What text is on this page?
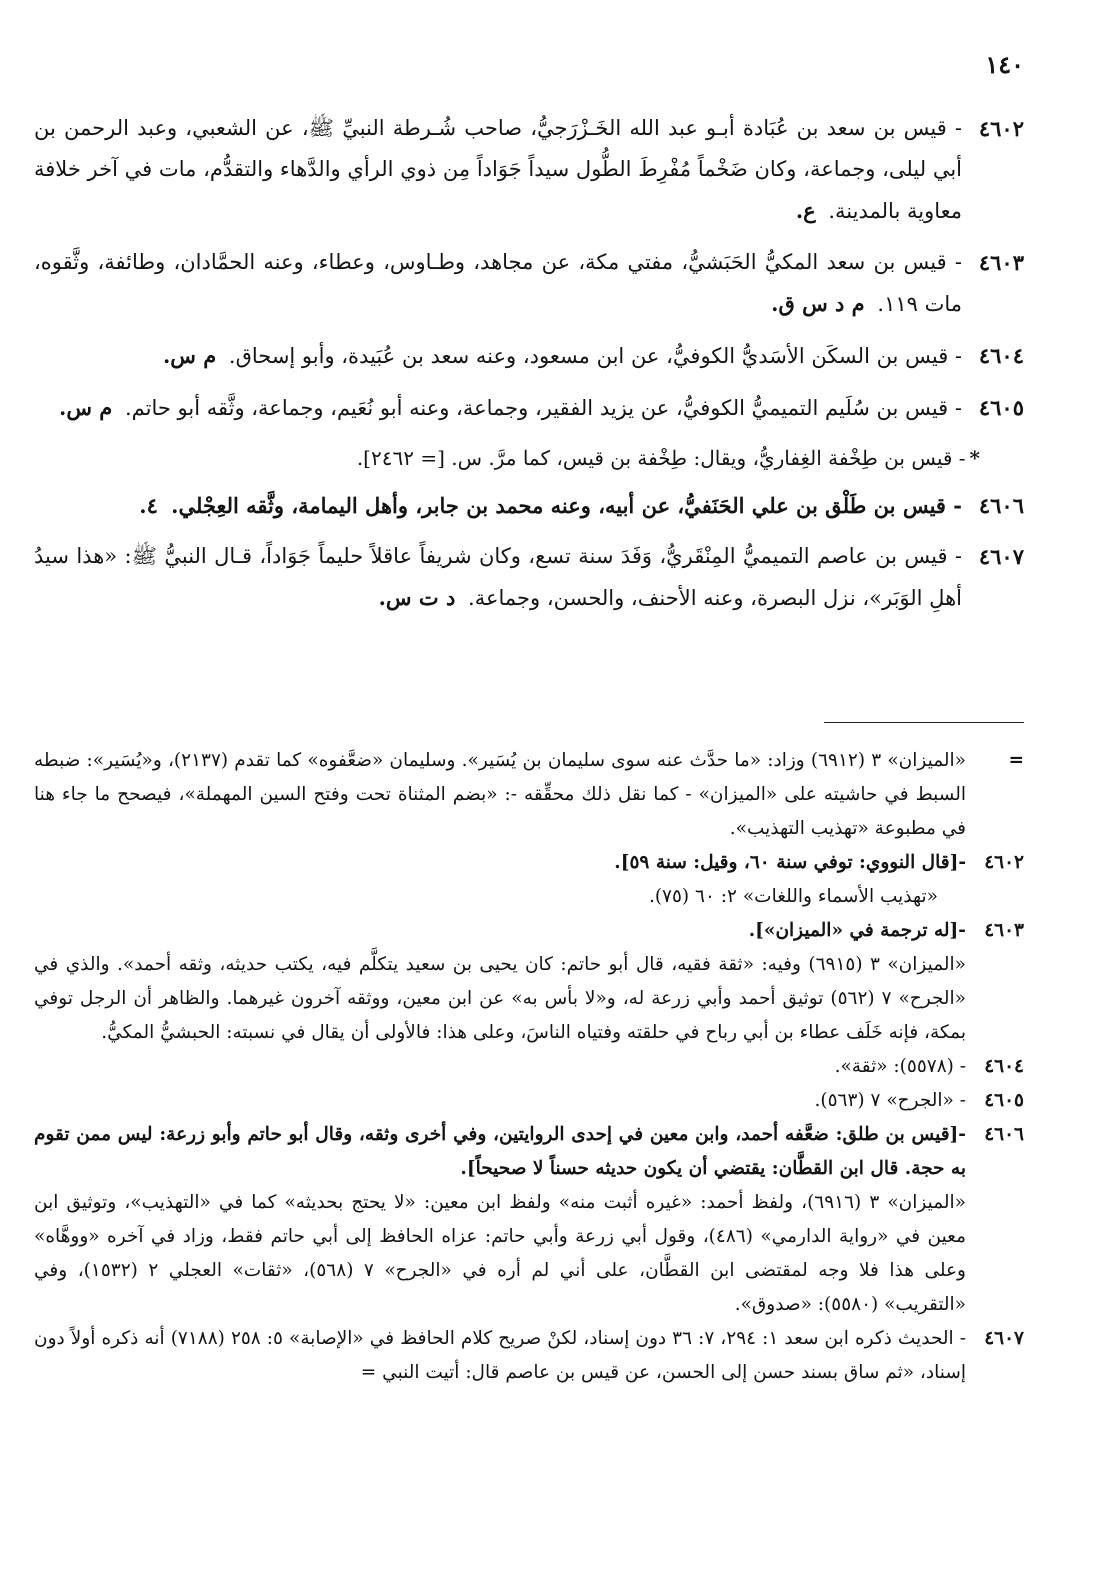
١٤٠
٤٦٠٢
- قيس بن سعد بن عُبَادة أبـو عبد الله الخَـزْرَجيُّ، صاحب شُـرطة النبيِّ ﷺ، عن الشعبي، وعبد الرحمن بن أبي ليلى، وجماعة، وكان ضَخْماً مُفْرِطَ الطُّول سيداً جَوَاداً مِن ذوي الرأي والدَّهاء والتقدُّم، مات في آخر خلافة معاوية بالمدينة. ع.
٤٦٠٣
- قيس بن سعد المكيُّ الحَبَشيُّ، مفتي مكة، عن مجاهد، وطـاوس، وعطاء، وعنه الحمَّادان، وطائفة، وثَّقوه، مات ١١٩. م د س ق.
٤٦٠٤
- قيس بن السكَن الأسَديُّ الكوفيُّ، عن ابن مسعود، وعنه سعد بن عُبَيدة، وأبو إسحاق. م س.
٤٦٠٥
- قيس بن سُلَيم التميميُّ الكوفيُّ، عن يزيد الفقير، وجماعة، وعنه أبو نُعَيم، وجماعة، وثَّقه أبو حاتم. م س.
*- قيس بن طِخْفة الغِفاريُّ، ويقال: طِخْفة بن قيس، كما مرَّ. س. [= ٢٤٦٢].
٤٦٠٦
- قيس بن طَلْق بن علي الحَنَفيُّ، عن أبيه، وعنه محمد بن جابر، وأهل اليمامة، وثَّقه العِجْلي. ٤.
٤٦٠٧
- قيس بن عاصم التميميُّ المِنْقَريُّ، وَفَدَ سنة تسع، وكان شريفاً عاقلاً حليماً جَوَاداً، قـال النبيُّ ﷺ: «هذا سيدُ أهلِ الوَبَر»، نزل البصرة، وعنه الأحنف، والحسن، وجماعة. د ت س.
=

«الميزان» ٣ (٦٩١٢) وزاد: «ما حدَّث عنه سوى سليمان بن يُسَير». وسليمان «ضعَّفوه» كما تقدم (٢١٣٧)، و«يُسَير»: ضبطه السبط في حاشيته على «الميزان» - كما نقل ذلك محقِّقه -: «بضم المثناة تحت وفتح السين المهملة»، فيصحح ما جاء هنا في مطبوعة «تهذيب التهذيب».

٤٦٠٢

-[قال النووي: توفي سنة ٦٠، وقيل: سنة ٥٩].

«تهذيب الأسماء واللغات» ٢: ٦٠ (٧٥).

٤٦٠٣

-[له ترجمة في «الميزان»].

«الميزان» ٣ (٦٩١٥) وفيه: «ثقة فقيه، قال أبو حاتم: كان يحيى بن سعيد يتكلَّم فيه، يكتب حديثه، وثقه أحمد». والذي في «الجرح» ٧ (٥٦٢) توثيق أحمد وأبي زرعة له، و«لا بأس به» عن ابن معين، ووثقه آخرون غيرهما. والظاهر أن الرجل توفي بمكة، فإنه خَلَف عطاء بن أبي رباح في حلقته وفتياه الناسَ، وعلى هذا: فالأولى أن يقال في نسبته: الحبشيُّ المكيُّ.

٤٦٠٤

- (٥٥٧٨): «ثقة».

٤٦٠٥

- «الجرح» ٧ (٥٦٣).

٤٦٠٦

-[قيس بن طلق: ضعَّفه أحمد، وابن معين في إحدى الروايتين، وفي أخرى وثقه، وقال أبو حاتم وأبو زرعة: ليس ممن تقوم به حجة. قال ابن القطَّان: يقتضي أن يكون حديثه حسناً لا صحيحاً].

«الميزان» ٣ (٦٩١٦)، ولفظ أحمد: «غيره أثبت منه» ولفظ ابن معين: «لا يحتج بحديثه» كما في «التهذيب»، وتوثيق ابن معين في «رواية الدارمي» (٤٨٦)، وقول أبي زرعة وأبي حاتم: عزاه الحافظ إلى أبي حاتم فقط، وزاد في آخره «ووهَّاه» وعلى هذا فلا وجه لمقتضى ابن القطَّان، على أني لم أره في «الجرح» ٧ (٥٦٨)، «ثقات» العجلي ٢ (١٥٣٢)، وفي «التقريب» (٥٥٨٠): «صدوق».

٤٦٠٧

- الحديث ذكره ابن سعد ١: ٢٩٤، ٧: ٣٦ دون إسناد، لكنْ صريح كلام الحافظ في «الإصابة» ٥: ٢٥٨ (٧١٨٨) أنه ذكره أولاً دون إسناد، «ثم ساق بسند حسن إلى الحسن، عن قيس بن عاصم قال: أتيت النبي =
